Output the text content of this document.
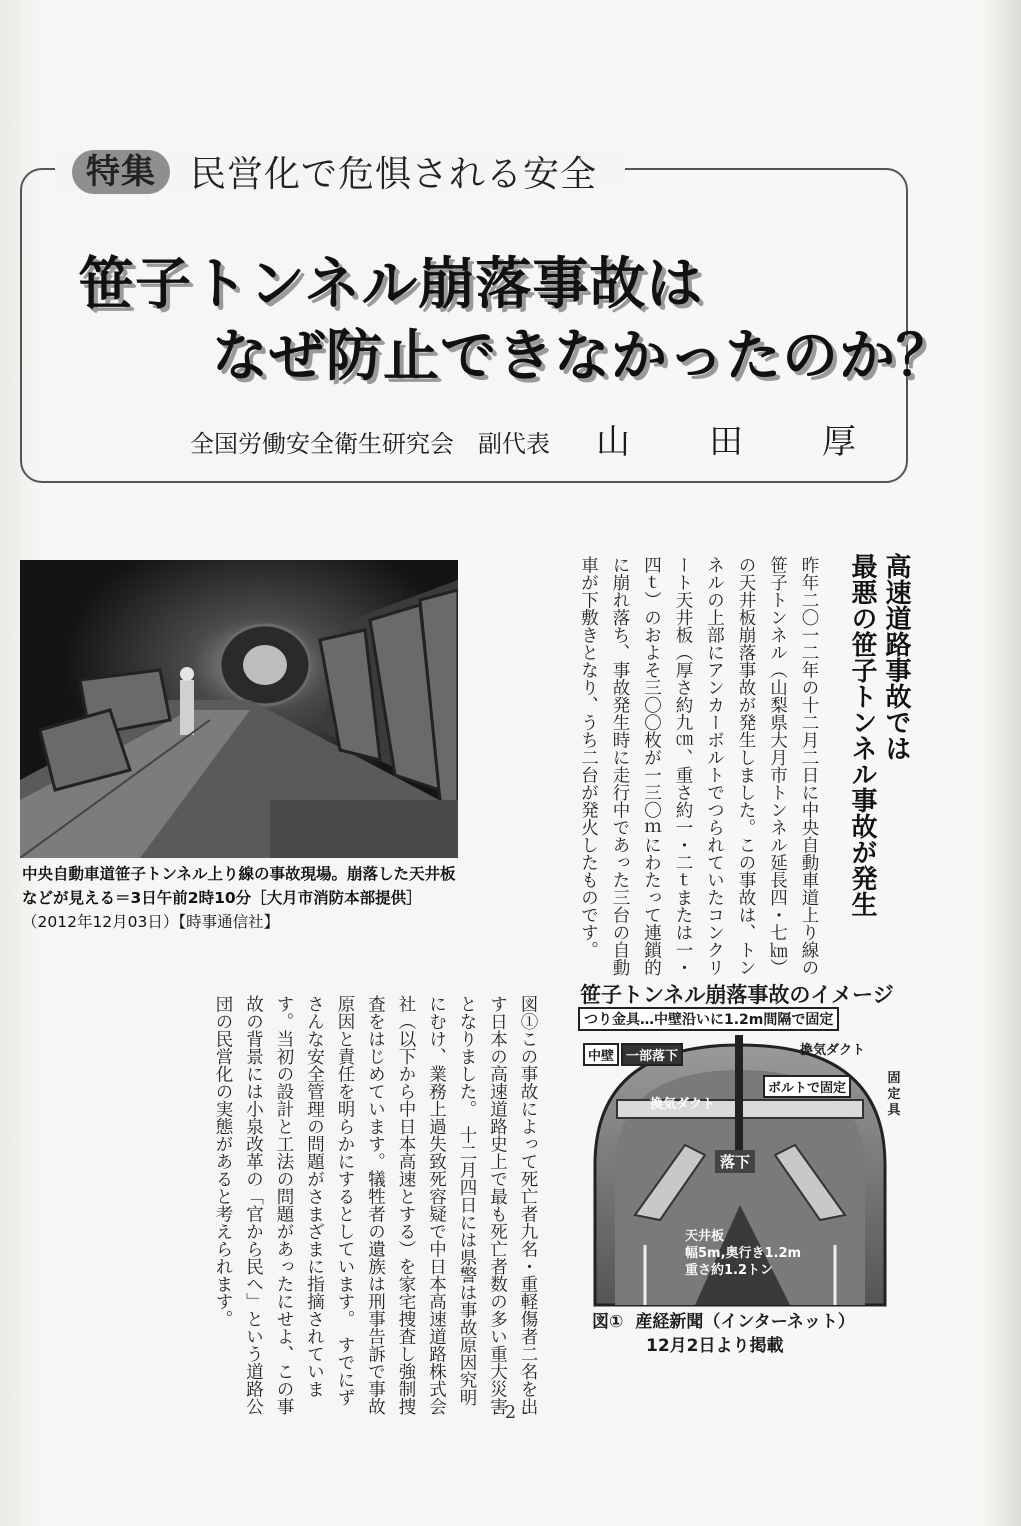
特集 民営化で危惧される安全
笹子トンネル崩落事故は
なぜ防止できなかったのか？
全国労働安全衛生研究会　副代表 山 田 厚
中央自動車道笹子トンネル上り線の事故現場。崩落した天井板などが見える＝3日午前2時10分［大月市消防本部提供］ （2012年12月03日）【時事通信社】
高速道路事故では
最悪の笹子トンネル事故が発生
昨年二〇一二年の十二月二日に中央自動車道上り線の笹子トンネル（山梨県大月市トンネル延長四・七㎞）の天井板崩落事故が発生しました。この事故は、トンネルの上部にアンカーボルトでつられていたコンクリート天井板（厚さ約九㎝、重さ約一・二ｔまたは一・四ｔ）のおよそ三〇〇枚が一三〇ｍにわたって連鎖的に崩れ落ち、事故発生時に走行中であった三台の自動車が下敷きとなり、うち二台が発火したものです。
図①この事故によって死亡者九名・重軽傷者二名を出す日本の高速道路史上で最も死亡者数の多い重大災害となりました。　十二月四日には県警は事故原因究明にむけ、業務上過失致死容疑で中日本高速道路株式会社（以下から中日本高速とする）を家宅捜査し強制捜査をはじめています。犠牲者の遺族は刑事告訴で事故原因と責任を明らかにするとしています。　すでにずさんな安全管理の問題がさまざまに指摘されています。当初の設計と工法の問題があったにせよ、この事故の背景には小泉改革の「官から民へ」という道路公団の民営化の実態があると考えられます。	笹子トンネル崩落事故のイメージ
つり金具…中壁沿いに1.2m間隔で固定
中壁 一部落下	換気ダクト
ボルトで固定
換気ダクト
固
定
具
落下
天井板
幅5m,奥行き1.2m
重さ約1.2トン
図① 産経新聞（インターネット）
12月2日より掲載
- 2 -
